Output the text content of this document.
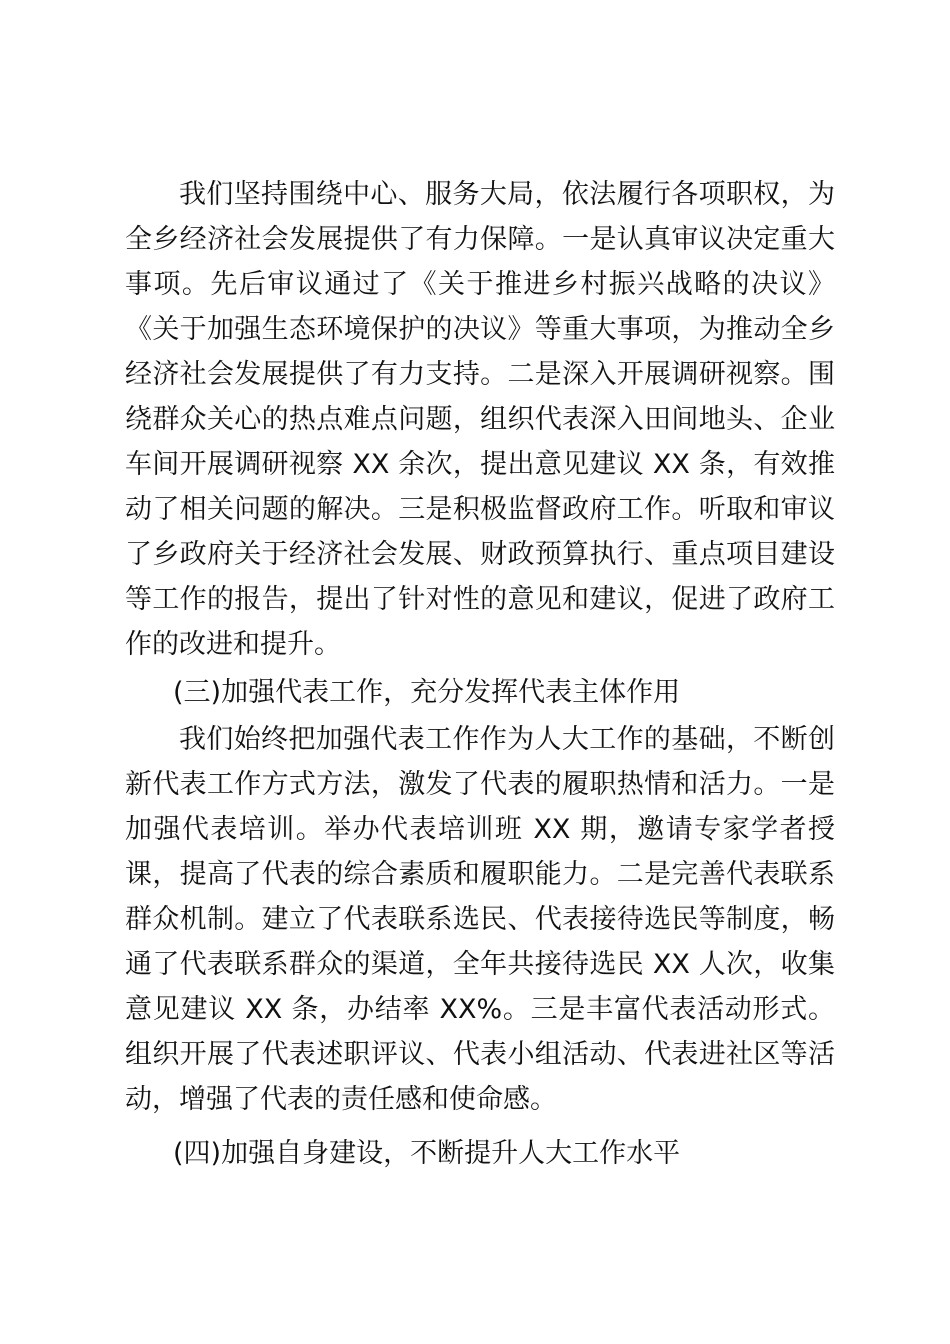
我们坚持围绕中心、服务大局，依法履行各项职权，为全乡经济社会发展提供了有力保障。一是认真审议决定重大事项。先后审议通过了《关于推进乡村振兴战略的决议》《关于加强生态环境保护的决议》等重大事项，为推动全乡经济社会发展提供了有力支持。二是深入开展调研视察。围绕群众关心的热点难点问题，组织代表深入田间地头、企业车间开展调研视察 XX 余次，提出意见建议 XX 条，有效推动了相关问题的解决。三是积极监督政府工作。听取和审议了乡政府关于经济社会发展、财政预算执行、重点项目建设等工作的报告，提出了针对性的意见和建议，促进了政府工作的改进和提升。

(三)加强代表工作，充分发挥代表主体作用

我们始终把加强代表工作作为人大工作的基础，不断创新代表工作方式方法，激发了代表的履职热情和活力。一是加强代表培训。举办代表培训班 XX 期，邀请专家学者授课，提高了代表的综合素质和履职能力。二是完善代表联系群众机制。建立了代表联系选民、代表接待选民等制度，畅通了代表联系群众的渠道，全年共接待选民 XX 人次，收集意见建议 XX 条，办结率 XX%。三是丰富代表活动形式。组织开展了代表述职评议、代表小组活动、代表进社区等活动，增强了代表的责任感和使命感。

(四)加强自身建设，不断提升人大工作水平
